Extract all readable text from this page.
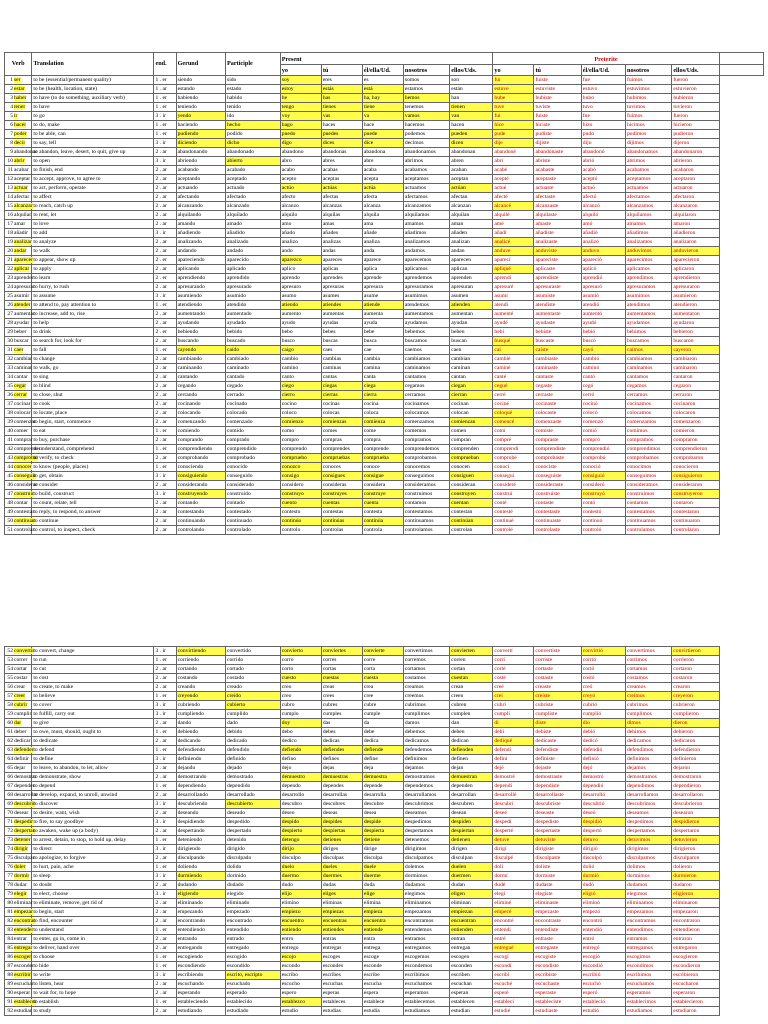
Verb	Translation	end.	Gerund	Participle	Present					Preterite					
					yo	tú	él/ella/Ud.	nosotros	ellos/Uds.	yo	tú	él/ella/Ud.	nosotros	ellos/Uds.	
1ser	to be (essential/permanent quality)	1 . er	siendo	sido	soy	eres	es	somos	son	fui	fuiste	fue	fuimos	fueron	
2estar	to be (health, location, state)	1 . ar	estando	estado	estoy	estás	está	estamos	están	estuve	estuviste	estuvo	estuvimos	estuvieron	
3haber	to have (to do something, auxiliary verb)	1 . er	habiendo	habido	he	has	ha, hay	hemos	han	hube	hubiste	hubo	hubimos	hubieron	
4tener	to have	1 . er	teniendo	tenido	tengo	tienes	tiene	tenemos	tienen	tuve	tuviste	tuvo	tuvimos	tuvieron	
5ir	to go	3 . ir	yendo	ido	voy	vas	va	vamos	van	fui	fuiste	fue	fuimos	fueron	
6hacer	to do, make	1 . er	haciendo	hecho	hago	haces	hace	hacemos	hacen	hice	hiciste	hizo	hicimos	hicieron	
7poder	to be able, can	1 . er	pudiendo	podido	puedo	puedes	puede	podemos	pueden	pude	pudiste	pudo	pudimos	pudieron	
8decir	to say, tell	3 . ir	diciendo	dicho	digo	dices	dice	decimos	dicen	dije	dijiste	dijo	dijimos	dijeron	
9abandonar	to abandon, leave, desert, to quit, give up	2 . ar	abandonando	abandonado	abandono	abandonas	abandona	abandonamos	abandonan	abandoné	abandonaste	abandonó	abandonamos	abandonaron	
10abrir	to open	3 . ir	abriendo	abierto	abro	abres	abre	abrimos	abren	abrí	abriste	abrió	abrimos	abrieron	
11acabar	to finish, end	2 . ar	acabando	acabado	acabo	acabas	acaba	acabamos	acaban	acabé	acabaste	acabó	acabamos	acabaron	
12aceptar	to accept, approve, to agree to	2 . ar	aceptando	aceptado	acepto	aceptas	acepta	aceptamos	aceptan	acepté	aceptaste	aceptó	aceptamos	aceptaron	
13actuar	to act, perform, operate	2 . ar	actuando	actuado	actúo	actúas	actúa	actuamos	actúan	actué	actuaste	actuó	actuamos	actuaron	
14afectar	to affect	2 . ar	afectando	afectado	afecto	afectas	afecta	afectamos	afectan	afecté	afectaste	afectó	afectamos	afectaron	
15alcanzar	to reach, catch up	2 . ar	alcanzando	alcanzado	alcanzo	alcanzas	alcanza	alcanzamos	alcanzan	alcancé	alcanzaste	alcanzó	alcanzamos	alcanzaron	
16alquilar	to rent, let	2 . ar	alquilando	alquilado	alquilo	alquilas	alquila	alquilamos	alquilan	alquilé	alquilaste	alquiló	alquilamos	alquilaron	
17amar	to love	2 . ar	amando	amado	amo	amas	ama	amamos	aman	amé	amaste	amó	amamos	amaron	
18añadir	to add	3 . ir	añadiendo	añadido	añado	añades	añade	añadimos	añaden	añadí	añadiste	añadió	añadimos	añadieron	
19analizar	to analyze	2 . ar	analizando	analizado	analizo	analizas	analiza	analizamos	analizan	analicé	analizaste	analizó	analizamos	analizaron	
20andar	to walk	2 . ar	andando	andado	ando	andas	anda	andamos	andan	anduve	anduviste	anduvo	anduvimos	anduvieron	
21aparecer	to appear, show up	2 . er	apareciendo	aparecido	aparezco	apareces	aparece	aparecemos	aparecen	aparecí	apareciste	apareció	aparecimos	aparecieron	
22aplicar	to apply	2 . ar	aplicando	aplicado	aplico	aplicas	aplica	aplicamos	aplican	apliqué	aplicaste	aplicó	aplicamos	aplicaron	
23aprender	to learn	2 . er	aprendiendo	aprendido	aprendo	aprendes	aprende	aprendemos	aprenden	aprendí	aprendiste	aprendió	aprendimos	aprendieron	
24apresurar	to hurry, to rush	2 . ar	apresurando	apresurado	apresuro	apresuras	apresura	apresuramos	apresuran	apresuré	apresuraste	apresuró	apresuramos	apresuraron	
25asumir	to assume	3 . ir	asumiendo	asumido	asumo	asumes	asume	asumimos	asumen	asumí	asumiste	asumió	asumimos	asumieron	
26atender	to attend to, pay attention to	1 . er	atendiendo	atendido	atiendo	atiendes	atiende	atendemos	atienden	atendí	atendiste	atendió	atendimos	atendieron	
27aumentar	to increase, add to, rise	2 . ar	aumentando	aumentado	aumento	aumentas	aumenta	aumentamos	aumentan	aumenté	aumentaste	aumentó	aumentamos	aumentaron	
28ayudar	to help	2 . ar	ayudando	ayudado	ayudo	ayudas	ayuda	ayudamos	ayudan	ayudé	ayudaste	ayudó	ayudamos	ayudaron	
29beber	to drink	2 . er	bebiendo	bebido	bebo	bebes	bebe	bebemos	beben	bebí	bebiste	bebió	bebimos	bebieron	
30buscar	to search for, look for	2 . ar	buscando	buscado	busco	buscas	busca	buscamos	buscan	busqué	buscaste	buscó	buscamos	buscaron	
31caer	to fall	1 . er	cayendo	caído	caigo	caes	cae	caemos	caen	caí	caíste	cayó	caímos	cayeron	
32cambiar	to change	2 . ar	cambiando	cambiado	cambio	cambias	cambia	cambiamos	cambian	cambié	cambiaste	cambió	cambiamos	cambiaron	
33caminar	to walk, go	2 . ar	caminando	caminado	camino	caminas	camina	caminamos	caminan	caminé	caminaste	caminó	caminamos	caminaron	
34cantar	to sing	2 . ar	cantando	cantado	canto	cantas	canta	cantamos	cantan	canté	cantaste	cantó	cantamos	cantaron	
35cegar	to blind	2 . ar	cegando	cegado	ciego	ciegas	ciega	cegamos	ciegan	cegué	cegaste	cegó	cegamos	cegaron	
36cerrar	to close, shut	2 . ar	cerrando	cerrado	cierro	cierras	cierra	cerramos	cierran	cerré	cerraste	cerró	cerramos	cerraron	
37cocinar	to cook	2 . ar	cocinando	cocinado	cocino	cocinas	cocina	cocinamos	cocinan	cociné	cocinaste	cocinó	cocinamos	cocinaron	
38colocar	to locate, place	2 . ar	colocando	colocado	coloco	colocas	coloca	colocamos	colocan	coloqué	colocaste	colocó	colocamos	colocaron	
39comenzar	to begin, start, commence	2 . ar	comenzando	comenzado	comienzo	comienzas	comienza	comenzamos	comienzan	comencé	comenzaste	comenzó	comenzamos	comenzaron	
40comer	to eat	1 . er	comiendo	comido	como	comes	come	comemos	comen	comí	comiste	comió	comimos	comieron	
41comprar	to buy, purchase	2 . ar	comprando	comprado	compro	compras	compra	compramos	compran	compré	compraste	compró	compramos	compraron	
42comprender	to understand, comprehend	1 . er	comprendiendo	comprendido	comprendo	comprendes	comprende	comprendemos	comprenden	comprendí	comprendiste	comprendió	comprendimos	comprendieron	
43comprobar	to verify, to check	2 . ar	comprobando	comprobado	compruebo	compruebas	comprueba	comprobamos	comprueban	comprobé	comprobaste	comprobó	comprobamos	comprobaron	
44conocer	to know (people, places)	1 . er	conociendo	conocido	conozco	conoces	conoce	conocemos	conocen	conocí	conociste	conoció	conocimos	conocieron	
45conseguir	to get, obtain	3 . ir	consiguiendo	conseguido	consigo	consigues	consigue	conseguimos	consiguen	conseguí	conseguiste	consiguió	conseguimos	consiguieron	
46considerar	to consider	2 . ar	considerando	considerado	considero	consideras	considera	consideramos	consideran	consideré	consideraste	consideró	consideramos	consideraron	
47construir	to build, construct	3 . ir	construyendo	construido	construyo	construyes	construye	construimos	construyen	construí	construiste	construyó	construimos	construyeron	
48contar	to count, relate, tell	2 . ar	contando	contado	cuento	cuentas	cuenta	contamos	cuentan	conté	contaste	contó	contamos	contaron	
49contestar	to reply, to respond, to answer	2 . ar	contestando	contestado	contesto	contestas	contesta	contestamos	contestan	contesté	contestaste	contestó	contestamos	contestaron	
50continuar	to continue	2 . ar	continuando	continuado	continúo	continúas	continúa	continuamos	continúan	continué	continuaste	continuó	continuamos	continuaron	
51controlar	to control, to inspect, check	2 . ar	controlando	controlado	controlo	controlas	controla	controlamos	controlan	controlé	controlaste	controló	controlamos	controlaron	
52convertir	to convert, change	3 . ir	convirtiendo	convertido	convierto	conviertes	convierte	convertimos	convierten	convertí	convertiste	convirtió	convertimos	convirtieron
53correr	to run	1 . er	corriendo	corrido	corro	corres	corre	corremos	corren	corrí	corriste	corrió	corrimos	corrieron
54cortar	to cut	2 . ar	cortando	cortado	corto	cortas	corta	cortamos	cortan	corté	cortaste	cortó	cortamos	cortaron
55costar	to cost	2 . ar	costando	costado	cuesto	cuestas	cuesta	costamos	cuestan	costé	costaste	costó	costamos	costaron
56crear	to create, to make	2 . ar	creando	creado	creo	creas	crea	creamos	crean	creé	creaste	creó	creamos	crearon
57creer	to believe	1 . er	creyendo	creído	creo	crees	cree	creemos	creen	creí	creíste	creyó	creímos	creyeron
58cubrir	to cover	3 . ir	cubriendo	cubierto	cubro	cubres	cubre	cubrimos	cubren	cubrí	cubriste	cubrió	cubrimos	cubrieron
59cumplir	to fulfill, carry out	3 . ir	cumpliendo	cumplido	cumplo	cumples	cumple	cumplimos	cumplen	cumplí	cumpliste	cumplió	cumplimos	cumplieron
60dar	to give	2 . ar	dando	dado	doy	das	da	damos	dan	di	diste	dio	dimos	dieron
61deber	to owe, must, should, ought to	1 . er	debiendo	debido	debo	debes	debe	debemos	deben	debí	debiste	debió	debimos	debieron
62dedicar	to dedicate	2 . ar	dedicando	dedicado	dedico	dedicas	dedica	dedicamos	dedican	dediqué	dedicaste	dedicó	dedicamos	dedicaron
63defender	to defend	1 . er	defendiendo	defendido	defiendo	defiendes	defiende	defendemos	defienden	defendí	defendiste	defendió	defendimos	defendieron
64definir	to define	3 . ir	definiendo	definido	defino	defines	define	definimos	definen	definí	definiste	definió	definimos	definieron
65dejar	to leave, to abandon, to let, allow	2 . ar	dejando	dejado	dejo	dejas	deja	dejamos	dejan	dejé	dejaste	dejó	dejamos	dejaron
66demostrar	to demonstrate, show	2 . ar	demostrando	demostrado	demuestro	demuestras	demuestra	demostramos	demuestran	demostré	demostraste	demostró	demostramos	demostraron
67depender	to depend	1 . er	dependiendo	dependido	dependo	dependes	depende	dependemos	dependen	dependí	dependiste	dependió	dependimos	dependieron
68desarrollar	to develop, expand, to unroll, unwind	2 . ar	desarrollando	desarrollado	desarrollo	desarrollas	desarrolla	desarrollamos	desarrollan	desarrollé	desarrollaste	desarrolló	desarrollamos	desarrollaron
69descubrir	to discover	3 . ir	descubriendo	descubierto	descubro	descubres	descubre	descubrimos	descubren	descubrí	descubriste	descubrió	descubrimos	descubrieron
70desear	to desire, want, wish	2 . ar	deseando	deseado	deseo	deseas	desea	deseamos	desean	deseé	deseaste	deseó	deseamos	desearon
71despedir	to fire, to say goodbye	3 . ir	despidiendo	despedido	despido	despides	despide	despedimos	despiden	despedí	despediste	despidió	despedimos	despidieron
72despertar	to awaken, wake up (a body)	2 . ar	despertando	despertado	despierto	despiertas	despierta	despertamos	despiertan	desperté	despertaste	despertó	despertamos	despertaron
73detener	to arrest, detain, to stop, to hold up, delay	1 . er	deteniendo	detenido	detengo	detienes	detiene	detenemos	detienen	detuve	detuviste	detuvo	detuvimos	detuvieron
74dirigir	to direct	3 . ir	dirigiendo	dirigido	dirijo	diriges	dirige	dirigimos	dirigen	dirigí	dirigiste	dirigió	dirigimos	dirigieron
75disculpar	to apologize, to forgive	2 . ar	disculpando	disculpado	disculpo	disculpas	disculpa	disculpamos	disculpan	disculpé	disculpaste	disculpó	disculpamos	disculparon
76doler	to hurt, pain, ache	1 . er	doliendo	dolido	duelo	dueles	duele	dolemos	duelen	dolí	doliste	dolió	dolimos	dolieron
77dormir	to sleep	3 . ir	durmiendo	dormido	duermo	duermes	duerme	dormimos	duermen	dormí	dormiste	durmió	dormimos	durmieron
78dudar	to doubt	2 . ar	dudando	dudado	dudo	dudas	duda	dudamos	dudan	dudé	dudaste	dudó	dudamos	dudaron
79elegir	to elect, choose	3 . ir	eligiendo	elegido	elijo	eliges	elige	elegimos	eligen	elegí	elegiste	eligió	elegimos	eligieron
80eliminar	to eliminate, remove, get rid of	2 . ar	eliminando	eliminado	elimino	eliminas	elimina	eliminamos	eliminan	eliminé	eliminaste	eliminó	eliminamos	eliminaron
81empezar	to begin, start	2 . ar	empezando	empezado	empiezo	empiezas	empieza	empezamos	empiezan	empecé	empezaste	empezó	empezamos	empezaron
82encontrar	to find, encounter	2 . ar	encontrando	encontrado	encuentro	encuentras	encuentra	encontramos	encuentran	encontré	encontraste	encontró	encontramos	encontraron
83entender	to understand	1 . er	entendiendo	entendido	entiendo	entiendes	entiende	entendemos	entienden	entendí	entendiste	entendió	entendimos	entendieron
84entrar	to enter, go in, come in	2 . ar	entrando	entrado	entro	entras	entra	entramos	entran	entré	entraste	entró	entramos	entraron
85entregar	to deliver, hand over	2 . ar	entregando	entregado	entrego	entregas	entrega	entregamos	entregan	entregué	entregaste	entregó	entregamos	entregaron
86escoger	to choose	1 . er	escogiendo	escogido	escojo	escoges	escoge	escogemos	escogen	escogí	escogiste	escogió	escogimos	escogieron
87esconder	to hide	1 . er	escondiendo	escondido	escondo	escondes	esconde	escondemos	esconden	escondí	escondiste	escondió	escondimos	escondieron
88escribir	to write	3 . ir	escribiendo	escrito, escripto	escribo	escribes	escribe	escribimos	escriben	escribí	escribiste	escribió	escribimos	escribieron
89escuchar	to listen, hear	2 . ar	escuchando	escuchado	escucho	escuchas	escucha	escuchamos	escuchan	escuché	escuchaste	escuchó	escuchamos	escucharon
90esperar	to wait for, to hope	2 . ar	esperando	esperado	espero	esperas	espera	esperamos	esperan	esperé	esperaste	esperó	esperamos	esperaron
91establecer	to establish	1 . er	estableciendo	establecido	establezco	estableces	establece	establecemos	establecen	establecí	estableciste	estableció	establecimos	establecieron
92estudiar	to study	2 . ar	estudiando	estudiado	estudio	estudias	estudia	estudiamos	estudian	estudié	estudiaste	estudió	estudiamos	estudiaron
